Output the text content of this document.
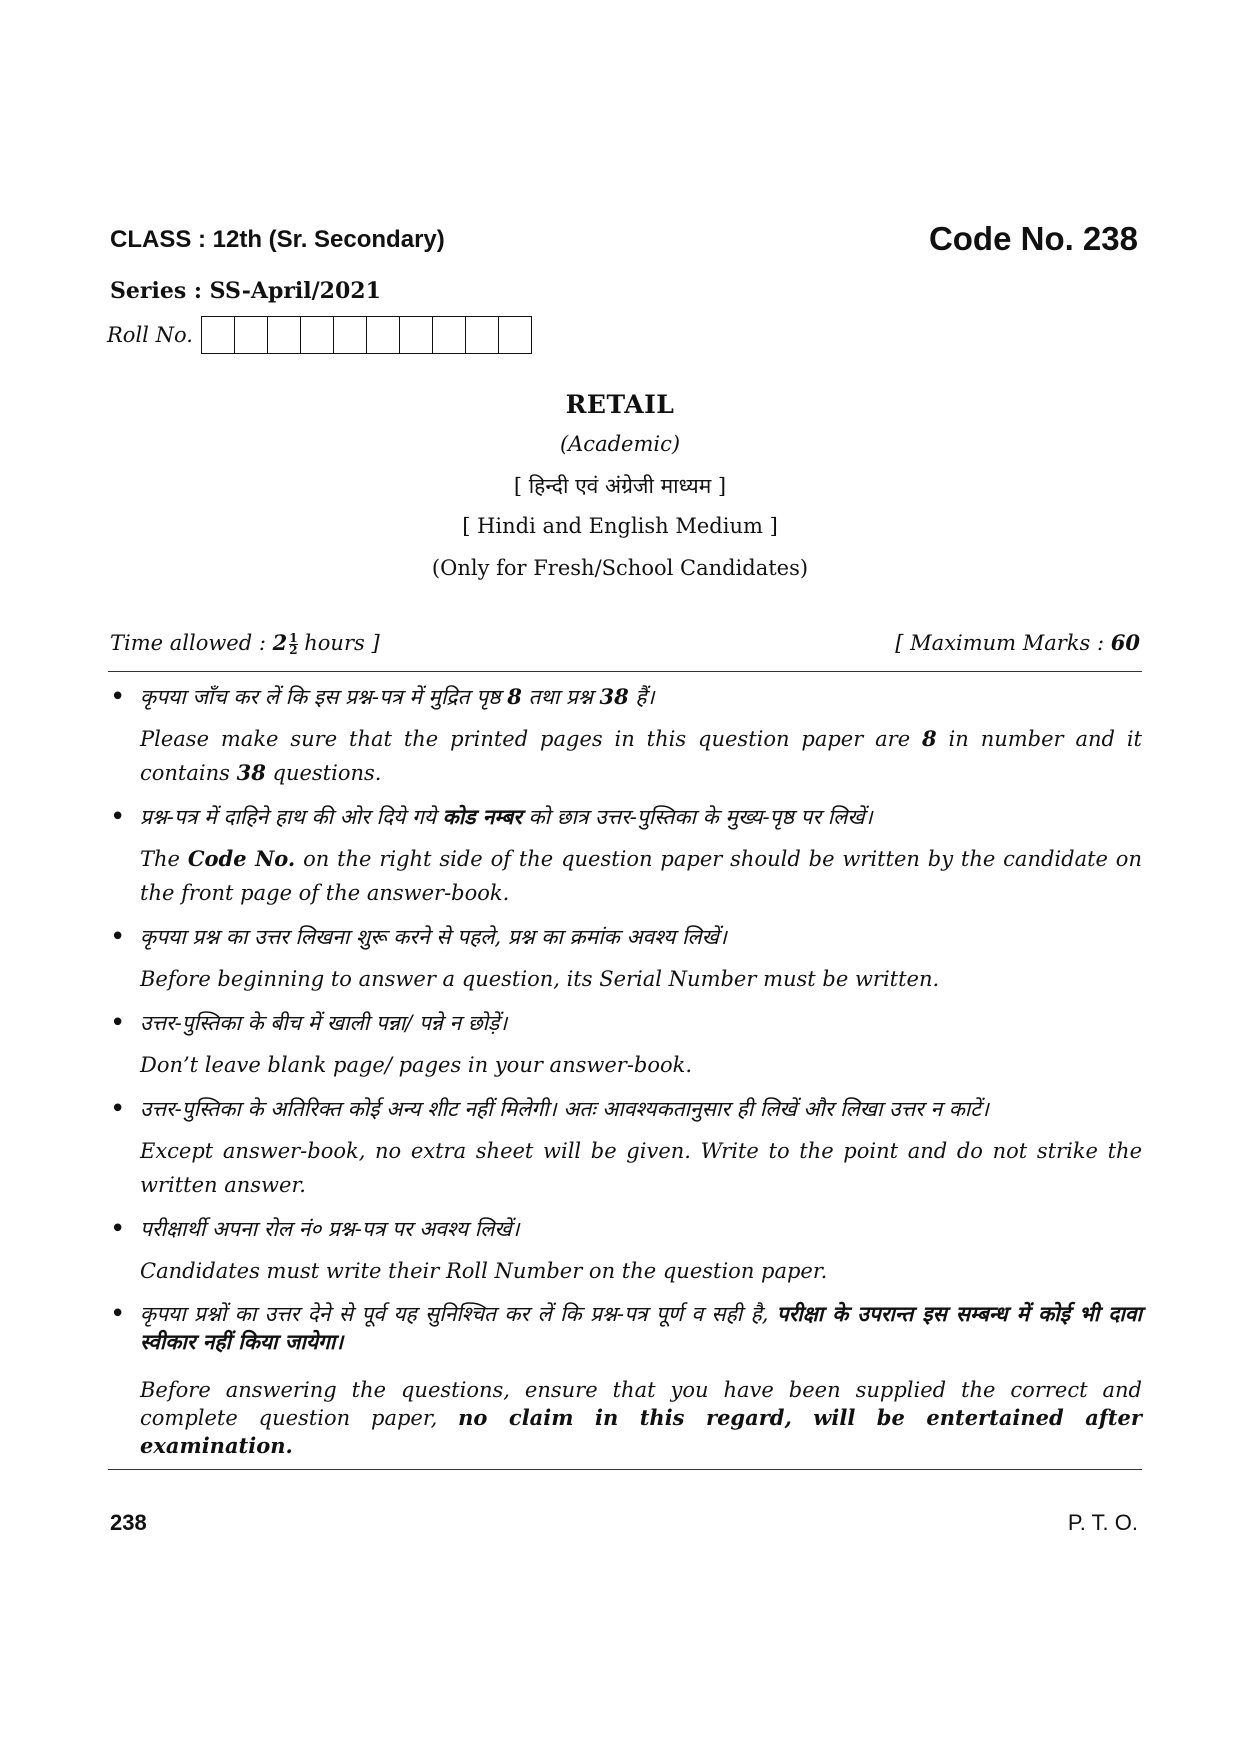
CLASS : 12th (Sr. Secondary)	Code No. 238
Series : SS-April/2021
Roll No.
RETAIL
(Academic)
[ हिन्दी एवं अंग्रेजी माध्यम ]
[ Hindi and English Medium ]
(Only for Fresh/School Candidates)
Time allowed : $2 \frac{1}{2}$ hours ]	[ Maximum Marks : 60
• कृपया जाँच कर लें कि इस प्रश्न-पत्र में मुद्रित पृष्ठ 8 तथा प्रश्न 38 हैं।
Please make sure that the printed pages in this question paper are 8 in number and it contains 38 questions.
• प्रश्न-पत्र में दाहिने हाथ की ओर दिये गये कोड नम्बर को छात्र उत्तर-पुस्तिका के मुख्य-पृष्ठ पर लिखें।
The Code No. on the right side of the question paper should be written by the candidate on the front page of the answer-book.
• कृपया प्रश्न का उत्तर लिखना शुरू करने से पहले, प्रश्न का क्रमांक अवश्य लिखें।
Before beginning to answer a question, its Serial Number must be written.
• उत्तर-पुस्तिका के बीच में खाली पन्ना/ पन्ने न छोड़ें।
Don’t leave blank page/ pages in your answer-book.
• उत्तर-पुस्तिका के अतिरिक्त कोई अन्य शीट नहीं मिलेगी। अतः आवश्यकतानुसार ही लिखें और लिखा उत्तर न काटें।
Except answer-book, no extra sheet will be given. Write to the point and do not strike the written answer.
• परीक्षार्थी अपना रोल नं० प्रश्न-पत्र पर अवश्य लिखें।
Candidates must write their Roll Number on the question paper.
• कृपया प्रश्नों का उत्तर देने से पूर्व यह सुनिश्चित कर लें कि प्रश्न-पत्र पूर्ण व सही है, परीक्षा के उपरान्त इस सम्बन्ध में कोई भी दावा स्वीकार नहीं किया जायेगा।
Before answering the questions, ensure that you have been supplied the correct and complete question paper, no claim in this regard, will be entertained after examination.
238	P. T. O.
